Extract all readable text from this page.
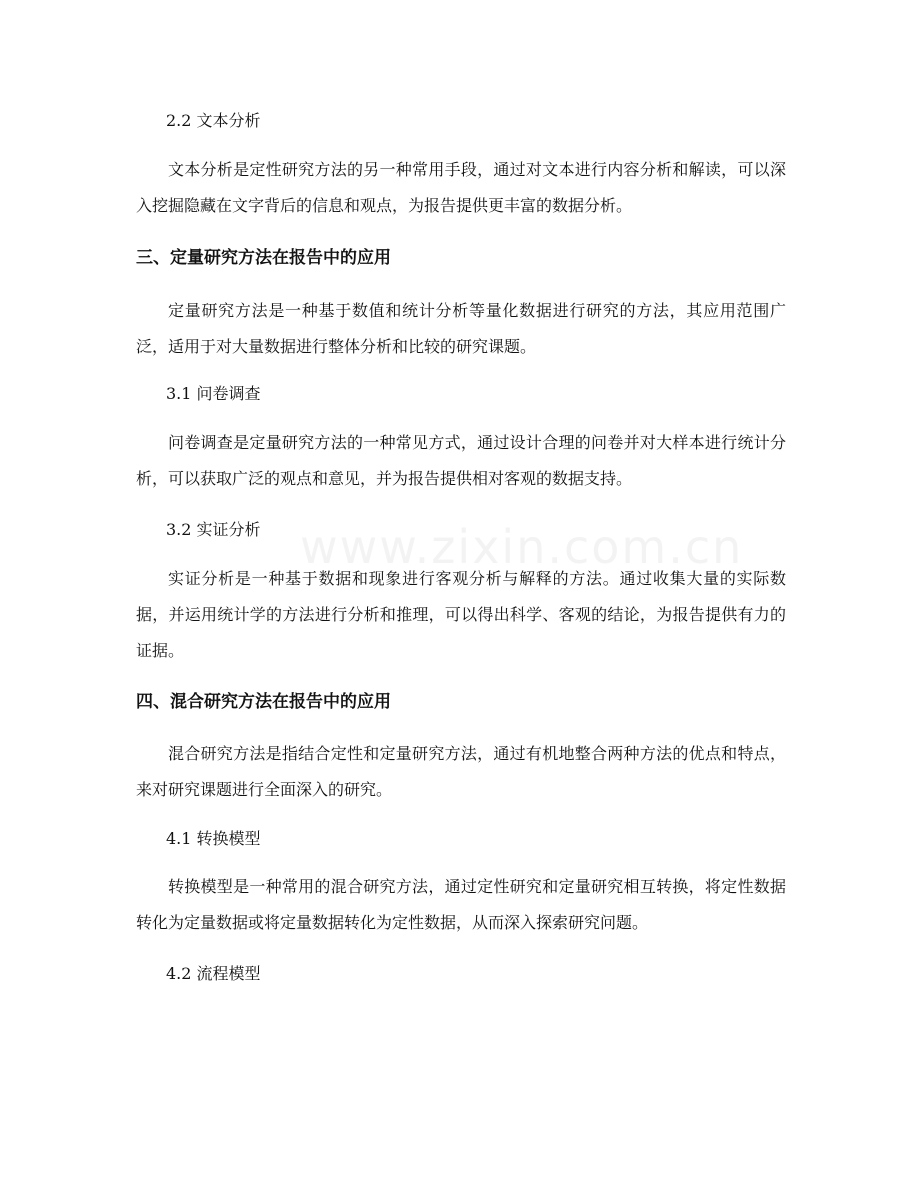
2.2 文本分析

文本分析是定性研究方法的另一种常用手段，通过对文本进行内容分析和解读，可以深入挖掘隐藏在文字背后的信息和观点，为报告提供更丰富的数据分析。

三、定量研究方法在报告中的应用

定量研究方法是一种基于数值和统计分析等量化数据进行研究的方法，其应用范围广泛，适用于对大量数据进行整体分析和比较的研究课题。

3.1 问卷调查

问卷调查是定量研究方法的一种常见方式，通过设计合理的问卷并对大样本进行统计分析，可以获取广泛的观点和意见，并为报告提供相对客观的数据支持。

3.2 实证分析

实证分析是一种基于数据和现象进行客观分析与解释的方法。通过收集大量的实际数据，并运用统计学的方法进行分析和推理，可以得出科学、客观的结论，为报告提供有力的证据。

四、混合研究方法在报告中的应用

混合研究方法是指结合定性和定量研究方法，通过有机地整合两种方法的优点和特点，来对研究课题进行全面深入的研究。

4.1 转换模型

转换模型是一种常用的混合研究方法，通过定性研究和定量研究相互转换，将定性数据转化为定量数据或将定量数据转化为定性数据，从而深入探索研究问题。

4.2 流程模型

www.zixin.com.cn
